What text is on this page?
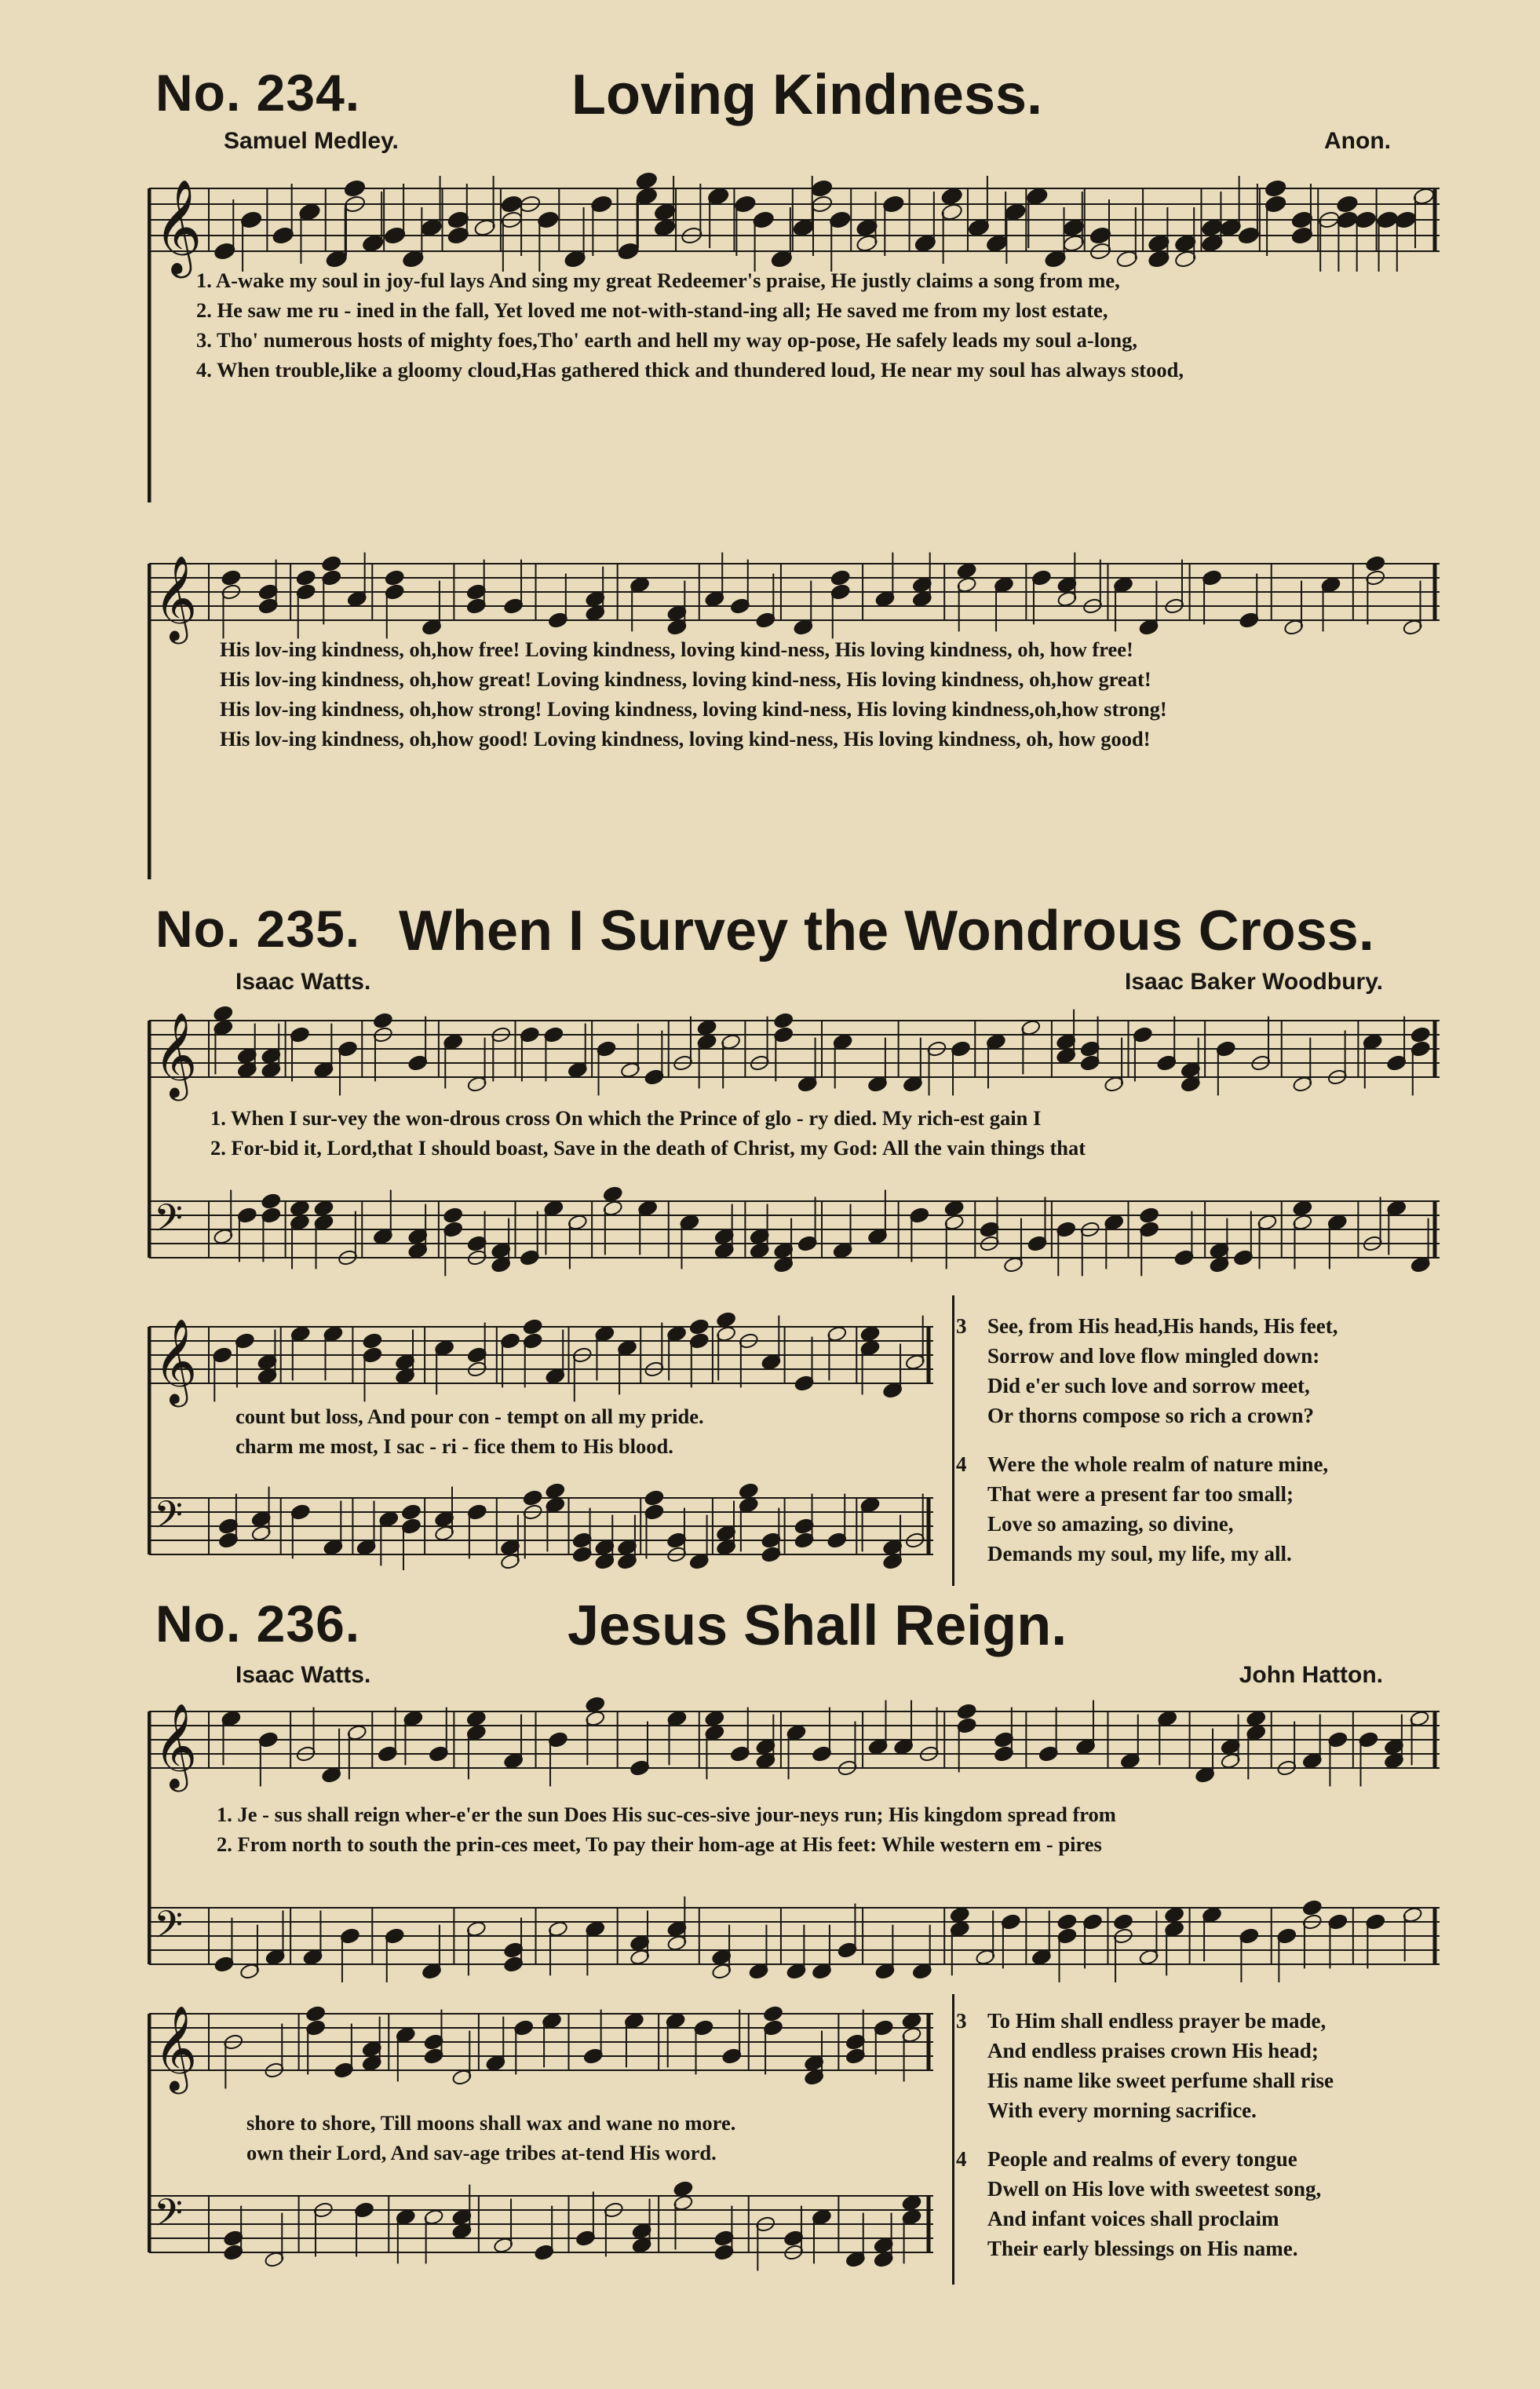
No. 234.	Loving Kindness.
Samuel Medley.	Anon.
𝄞
1. A-wake my soul in joy-ful lays And sing my great Redeemer's praise, He justly claims a song from me,
2. He saw me ru - ined in the fall, Yet loved me not-with-stand-ing all; He saved me from my lost estate,
3. Tho' numerous hosts of mighty foes,Tho' earth and hell my way op-pose, He safely leads my soul a-long,
4. When trouble,like a gloomy cloud,Has gathered thick and thundered loud, He near my soul has always stood,
𝄞
His lov-ing kindness, oh,how free! Loving kindness, loving kind-ness, His loving kindness, oh, how free!
His lov-ing kindness, oh,how great! Loving kindness, loving kind-ness, His loving kindness, oh,how great!
His lov-ing kindness, oh,how strong! Loving kindness, loving kind-ness, His loving kindness,oh,how strong!
His lov-ing kindness, oh,how good! Loving kindness, loving kind-ness, His loving kindness, oh, how good!
No. 235. When I Survey the Wondrous Cross.
Isaac Watts.	Isaac Baker Woodbury.
𝄞
𝄢
1. When I sur-vey the won-drous cross On which the Prince of glo - ry died. My rich-est gain I
2. For-bid it, Lord,that I should boast, Save in the death of Christ, my God: All the vain things that
𝄞
𝄢
count but loss, And pour con - tempt on all my pride.
charm me most, I sac - ri - fice them to His blood.
3 See, from His head,His hands, His feet,
Sorrow and love flow mingled down:
Did e'er such love and sorrow meet,
Or thorns compose so rich a crown?
4 Were the whole realm of nature mine,
That were a present far too small;
Love so amazing, so divine,
Demands my soul, my life, my all.
No. 236.	Jesus Shall Reign.
Isaac Watts.	John Hatton.
𝄞
𝄢
1. Je - sus shall reign wher-e'er the sun Does His suc-ces-sive jour-neys run; His kingdom spread from
2. From north to south the prin-ces meet, To pay their hom-age at His feet: While western em - pires
𝄞
𝄢
shore to shore, Till moons shall wax and wane no more.
own their Lord, And sav-age tribes at-tend His word.
3 To Him shall endless prayer be made,
And endless praises crown His head;
His name like sweet perfume shall rise
With every morning sacrifice.
4 People and realms of every tongue
Dwell on His love with sweetest song,
And infant voices shall proclaim
Their early blessings on His name.
